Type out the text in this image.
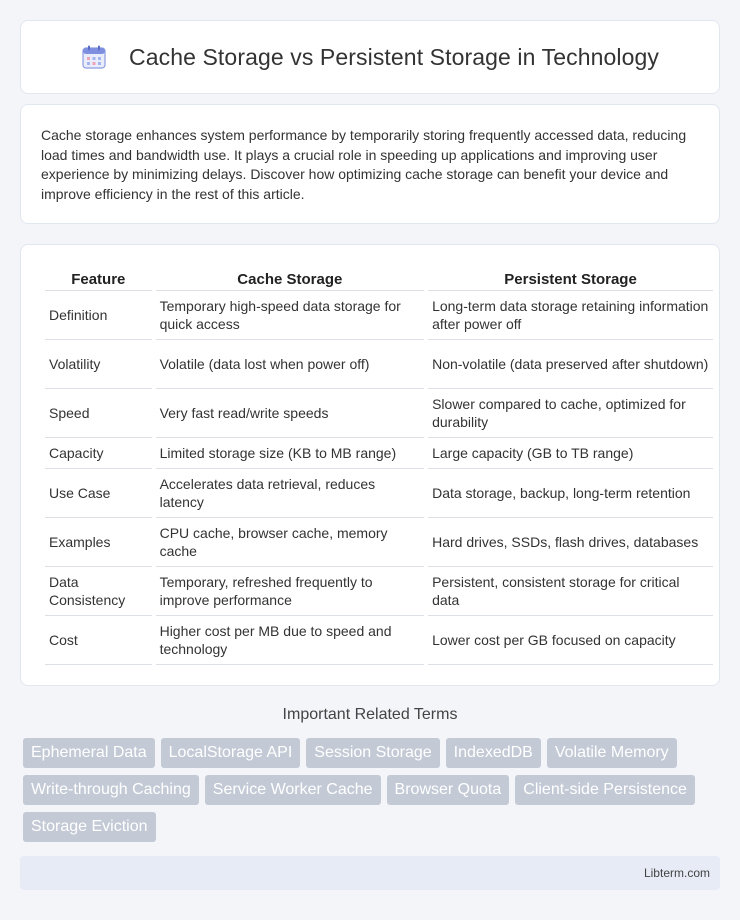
Cache Storage vs Persistent Storage in Technology

Cache storage enhances system performance by temporarily storing frequently accessed data, reducing load times and bandwidth use. It plays a crucial role in speeding up applications and improving user experience by minimizing delays. Discover how optimizing cache storage can benefit your device and improve efficiency in the rest of this article.

Feature	Cache Storage	Persistent Storage
Definition	Temporary high-speed data storage for quick access	Long-term data storage retaining information after power off
Volatility	Volatile (data lost when power off)	Non-volatile (data preserved after shutdown)
Speed	Very fast read/write speeds	Slower compared to cache, optimized for durability
Capacity	Limited storage size (KB to MB range)	Large capacity (GB to TB range)
Use Case	Accelerates data retrieval, reduces latency	Data storage, backup, long-term retention
Examples	CPU cache, browser cache, memory cache	Hard drives, SSDs, flash drives, databases
Data Consistency	Temporary, refreshed frequently to improve performance	Persistent, consistent storage for critical data
Cost	Higher cost per MB due to speed and technology	Lower cost per GB focused on capacity
Important Related Terms
Ephemeral Data	LocalStorage API	Session Storage	IndexedDB	Volatile Memory
Write-through Caching	Service Worker Cache	Browser Quota	Client-side Persistence
Storage Eviction
Libterm.com
